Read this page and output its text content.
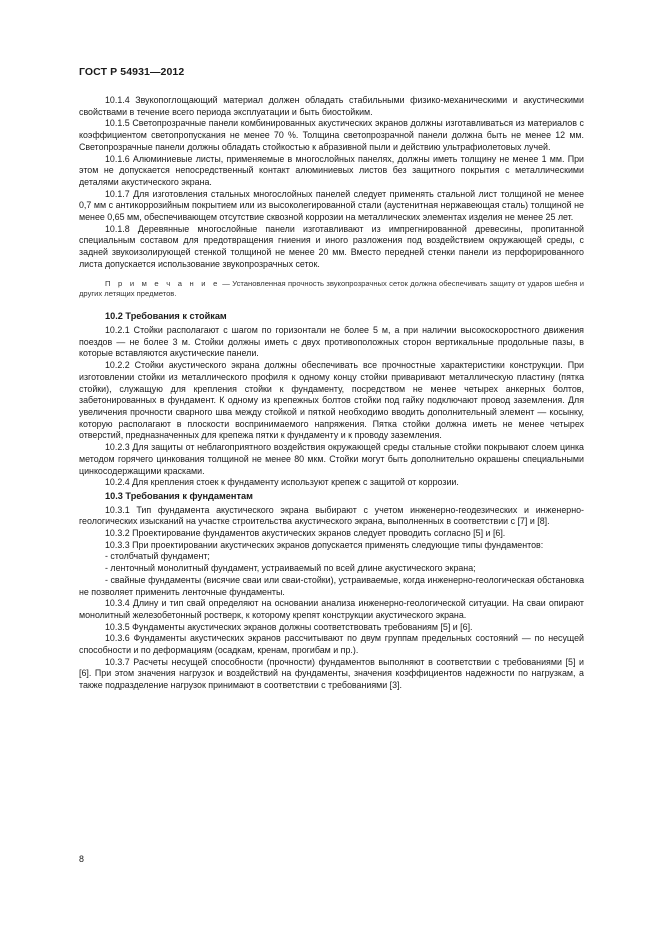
ГОСТ Р 54931—2012

10.1.4 Звукопоглощающий материал должен обладать стабильными физико-механическими и акустическими свойствами в течение всего периода эксплуатации и быть биостойким.

10.1.5 Светопрозрачные панели комбинированных акустических экранов должны изготавливаться из материалов с коэффициентом светопропускания не менее 70 %. Толщина светопрозрачной панели должна быть не менее 12 мм. Светопрозрачные панели должны обладать стойкостью к абразивной пыли и действию ультрафиолетовых лучей.

10.1.6 Алюминиевые листы, применяемые в многослойных панелях, должны иметь толщину не менее 1 мм. При этом не допускается непосредственный контакт алюминиевых листов без защитного покрытия с металлическими деталями акустического экрана.

10.1.7 Для изготовления стальных многослойных панелей следует применять стальной лист толщиной не менее 0,7 мм с антикоррозийным покрытием или из высоколегированной стали (аустенитная нержавеющая сталь) толщиной не менее 0,65 мм, обеспечивающем отсутствие сквозной коррозии на металлических элементах изделия не менее 25 лет.

10.1.8 Деревянные многослойные панели изготавливают из импрегнированной древесины, пропитанной специальным составом для предотвращения гниения и иного разложения под воздействием окружающей среды, с задней звукоизолирующей стенкой толщиной не менее 20 мм. Вместо передней стенки панели из перфорированного листа допускается использование звукопрозрачных сеток.

П р и м е ч а н и е — Установленная прочность звукопрозрачных сеток должна обеспечивать защиту от ударов шебня и других летящих предметов.

10.2 Требования к стойкам

10.2.1 Стойки располагают с шагом по горизонтали не более 5 м, а при наличии высокоскоростного движения поездов — не более 3 м. Стойки должны иметь с двух противоположных сторон вертикальные продольные пазы, в которые вставляются акустические панели.

10.2.2 Стойки акустического экрана должны обеспечивать все прочностные характеристики конструкции. При изготовлении стойки из металлического профиля к одному концу стойки приваривают металлическую пластину (пятка стойки), служащую для крепления стойки к фундаменту, посредством не менее четырех анкерных болтов, забетонированных в фундамент. К одному из крепежных болтов стойки под гайку подключают провод заземления. Для увеличения прочности сварного шва между стойкой и пяткой необходимо вводить дополнительный элемент — косынку, которую располагают в плоскости воспринимаемого напряжения. Пятка стойки должна иметь не менее четырех отверстий, предназначенных для крепежа пятки к фундаменту и к проводу заземления.

10.2.3 Для защиты от неблагоприятного воздействия окружающей среды стальные стойки покрывают слоем цинка методом горячего цинкования толщиной не менее 80 мкм. Стойки могут быть дополнительно окрашены специальными цинкосодержащими красками.

10.2.4 Для крепления стоек к фундаменту используют крепеж с защитой от коррозии.

10.3 Требования к фундаментам

10.3.1 Тип фундамента акустического экрана выбирают с учетом инженерно-геодезических и инженерно-геологических изысканий на участке строительства акустического экрана, выполненных в соответствии с [7] и [8].

10.3.2 Проектирование фундаментов акустических экранов следует проводить согласно [5] и [6].

10.3.3 При проектировании акустических экранов допускается применять следующие типы фундаментов:

- столбчатый фундамент;

- ленточный монолитный фундамент, устраиваемый по всей длине акустического экрана;

- свайные фундаменты (висячие сваи или сваи-стойки), устраиваемые, когда инженерно-геологическая обстановка не позволяет применить ленточные фундаменты.

10.3.4 Длину и тип свай определяют на основании анализа инженерно-геологической ситуации. На сваи опирают монолитный железобетонный ростверк, к которому крепят конструкции акустического экрана.

10.3.5 Фундаменты акустических экранов должны соответствовать требованиям [5] и [6].

10.3.6 Фундаменты акустических экранов рассчитывают по двум группам предельных состояний — по несущей способности и по деформациям (осадкам, кренам, прогибам и пр.).

10.3.7 Расчеты несущей способности (прочности) фундаментов выполняют в соответствии с требованиями [5] и [6]. При этом значения нагрузок и воздействий на фундаменты, значения коэффициентов надежности по нагрузкам, а также подразделение нагрузок принимают в соответствии с требованиями [3].

8
